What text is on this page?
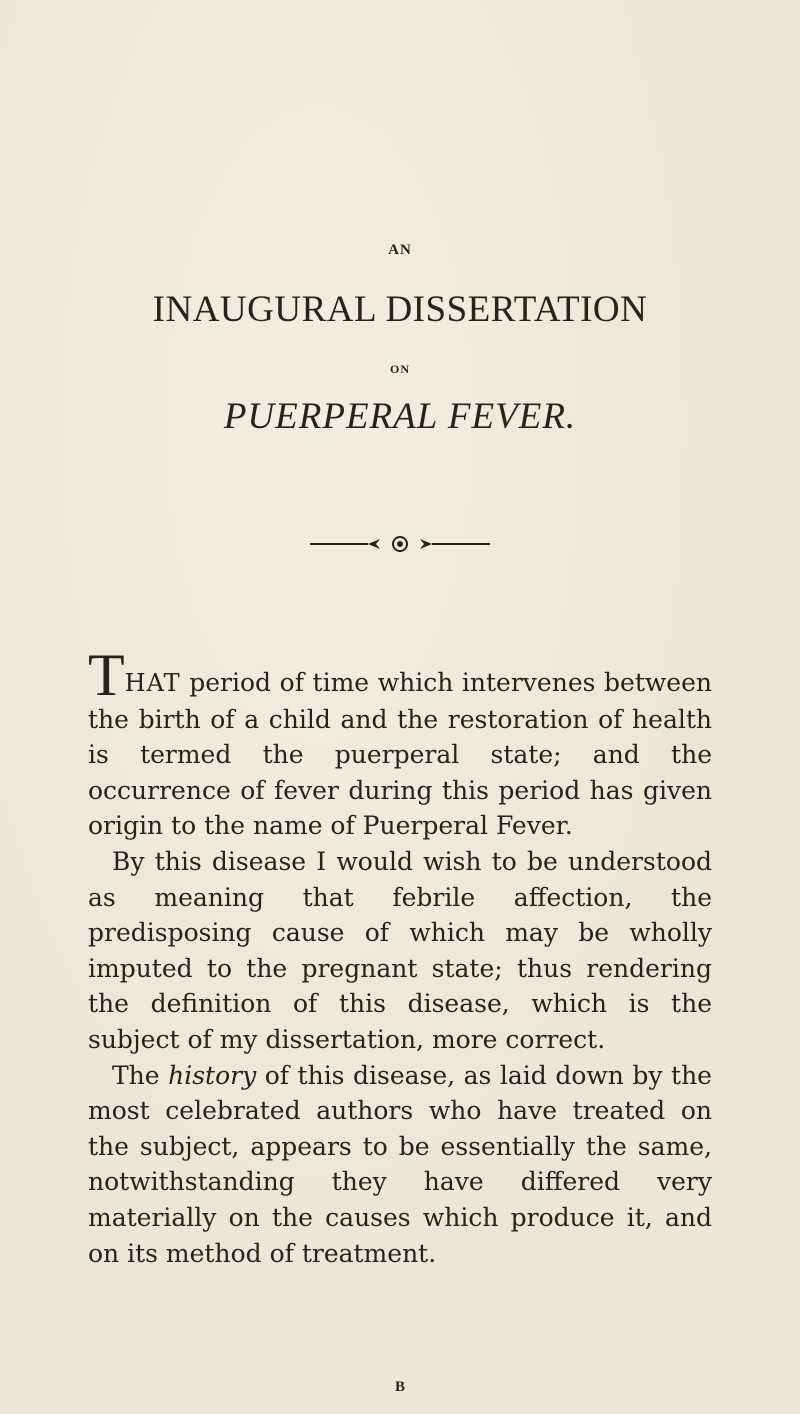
AN
INAUGURAL DISSERTATION
ON
PUERPERAL FEVER.

THAT period of time which intervenes between the birth of a child and the restoration of health is termed the puerperal state; and the occurrence of fever during this period has given origin to the name of Puerperal Fever.

By this disease I would wish to be understood as meaning that febrile affection, the predisposing cause of which may be wholly imputed to the pregnant state; thus rendering the definition of this disease, which is the subject of my dissertation, more correct.

The history of this disease, as laid down by the most celebrated authors who have treated on the subject, appears to be essentially the same, notwithstanding they have differed very materially on the causes which produce it, and on its method of treatment.

B
